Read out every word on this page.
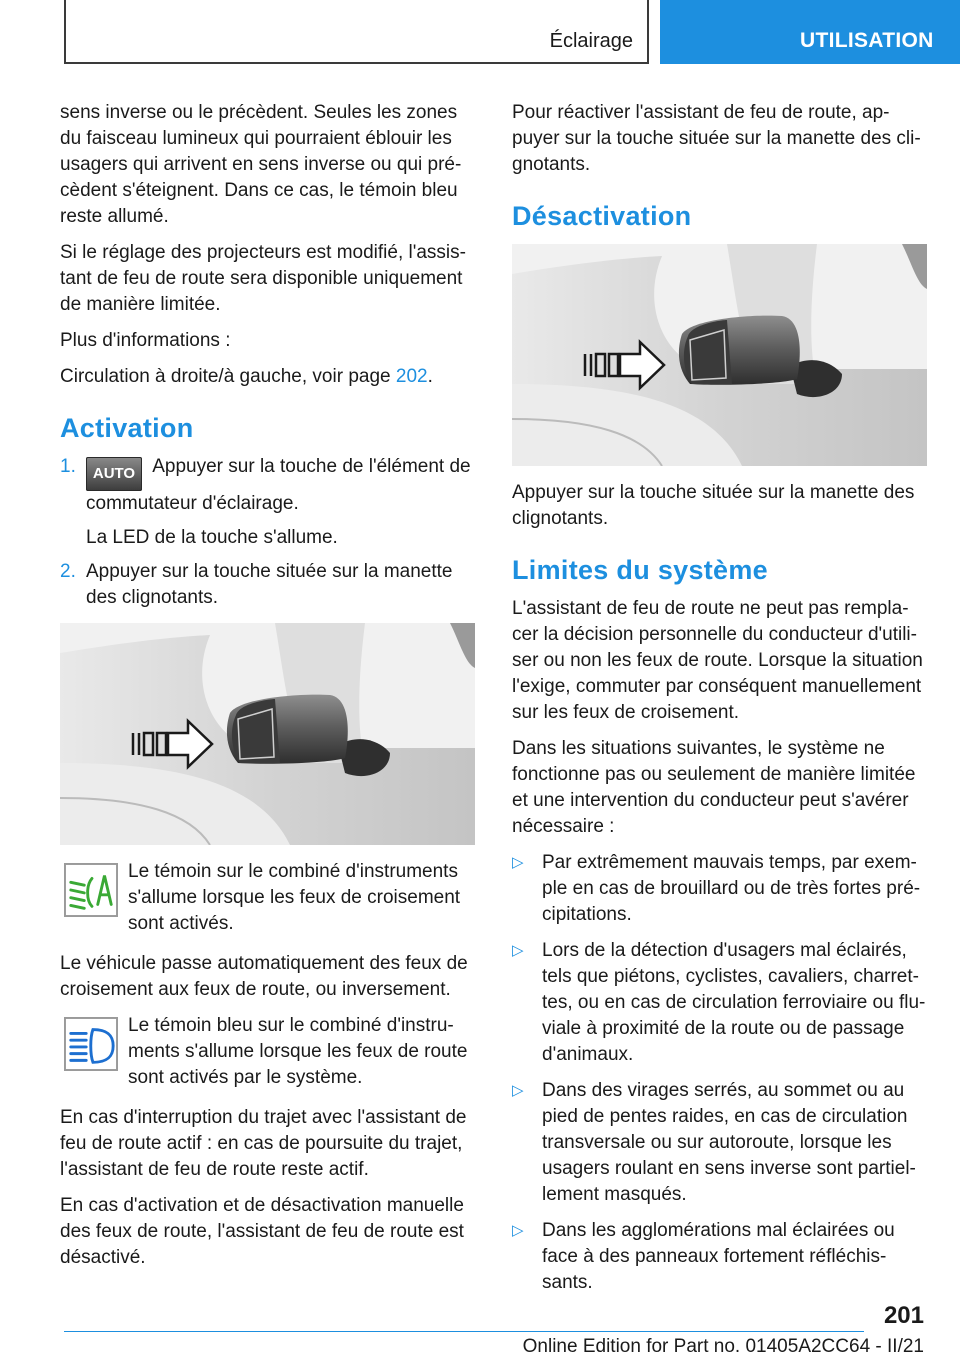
Éclairage	UTILISATION

sens inverse ou le précèdent. Seules les zones du faisceau lumineux qui pourraient éblouir les usagers qui arrivent en sens inverse ou qui précèdent s'éteignent. Dans ce cas, le témoin bleu reste allumé.

Si le réglage des projecteurs est modifié, l'assistant de feu de route sera disponible uniquement de manière limitée.

Plus d'informations :

Circulation à droite/à gauche, voir page 202.

Activation
1. AUTO Appuyer sur la touche de l'élément de commutateur d'éclairage.
La LED de la touche s'allume.
2. Appuyer sur la touche située sur la manette des clignotants.

Le témoin sur le combiné d'instruments s'allume lorsque les feux de croisement sont activés.

Le véhicule passe automatiquement des feux de croisement aux feux de route, ou inversement.

Le témoin bleu sur le combiné d'instruments s'allume lorsque les feux de route sont activés par le système.

En cas d'interruption du trajet avec l'assistant de feu de route actif : en cas de poursuite du trajet, l'assistant de feu de route reste actif.

En cas d'activation et de désactivation manuelle des feux de route, l'assistant de feu de route est désactivé.

Pour réactiver l'assistant de feu de route, appuyer sur la touche située sur la manette des clignotants.

Désactivation

Appuyer sur la touche située sur la manette des clignotants.

Limites du système

L'assistant de feu de route ne peut pas remplacer la décision personnelle du conducteur d'utiliser ou non les feux de route. Lorsque la situation l'exige, commuter par conséquent manuellement sur les feux de croisement.

Dans les situations suivantes, le système ne fonctionne pas ou seulement de manière limitée et une intervention du conducteur peut s'avérer nécessaire :

▷ Par extrêmement mauvais temps, par exemple en cas de brouillard ou de très fortes précipitations.
▷ Lors de la détection d'usagers mal éclairés, tels que piétons, cyclistes, cavaliers, charrettes, ou en cas de circulation ferroviaire ou fluviale à proximité de la route ou de passage d'animaux.
▷ Dans des virages serrés, au sommet ou au pied de pentes raides, en cas de circulation transversale ou sur autoroute, lorsque les usagers roulant en sens inverse sont partiellement masqués.
▷ Dans les agglomérations mal éclairées ou face à des panneaux fortement réfléchissants.
201
Online Edition for Part no. 01405A2CC64 - II/21
